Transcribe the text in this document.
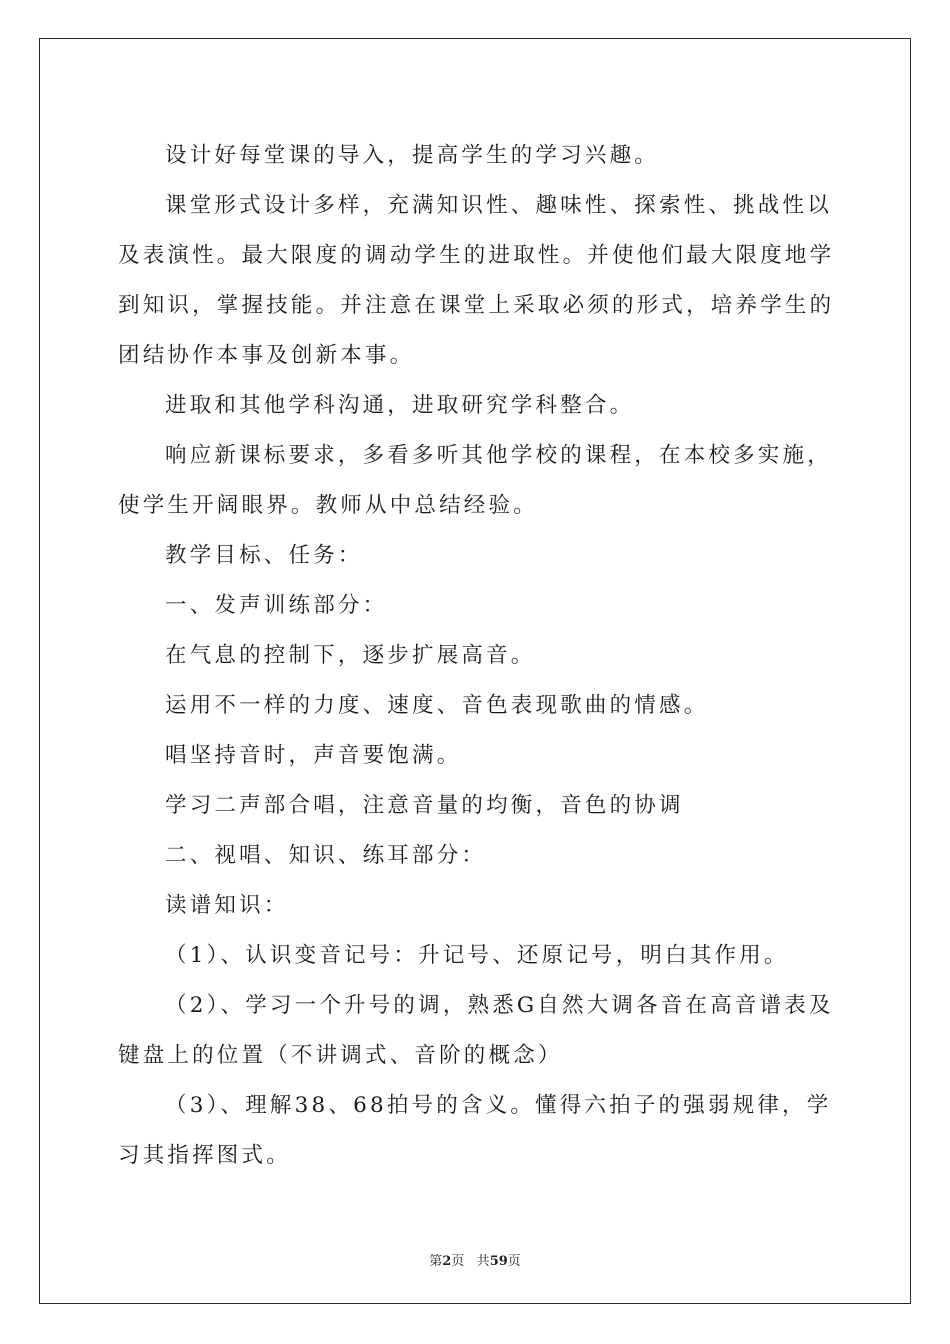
设计好每堂课的导入，提高学生的学习兴趣。

课堂形式设计多样，充满知识性、趣味性、探索性、挑战性以及表演性。最大限度的调动学生的进取性。并使他们最大限度地学到知识，掌握技能。并注意在课堂上采取必须的形式，培养学生的团结协作本事及创新本事。

进取和其他学科沟通，进取研究学科整合。

响应新课标要求，多看多听其他学校的课程，在本校多实施，使学生开阔眼界。教师从中总结经验。

教学目标、任务：

一、发声训练部分：

在气息的控制下，逐步扩展高音。

运用不一样的力度、速度、音色表现歌曲的情感。

唱坚持音时，声音要饱满。

学习二声部合唱，注意音量的均衡，音色的协调

二、视唱、知识、练耳部分：

读谱知识：

（1）、认识变音记号：升记号、还原记号，明白其作用。

（2）、学习一个升号的调，熟悉G自然大调各音在高音谱表及键盘上的位置（不讲调式、音阶的概念）

（3）、理解38、68拍号的含义。懂得六拍子的强弱规律，学习其指挥图式。

第2页 共59页
